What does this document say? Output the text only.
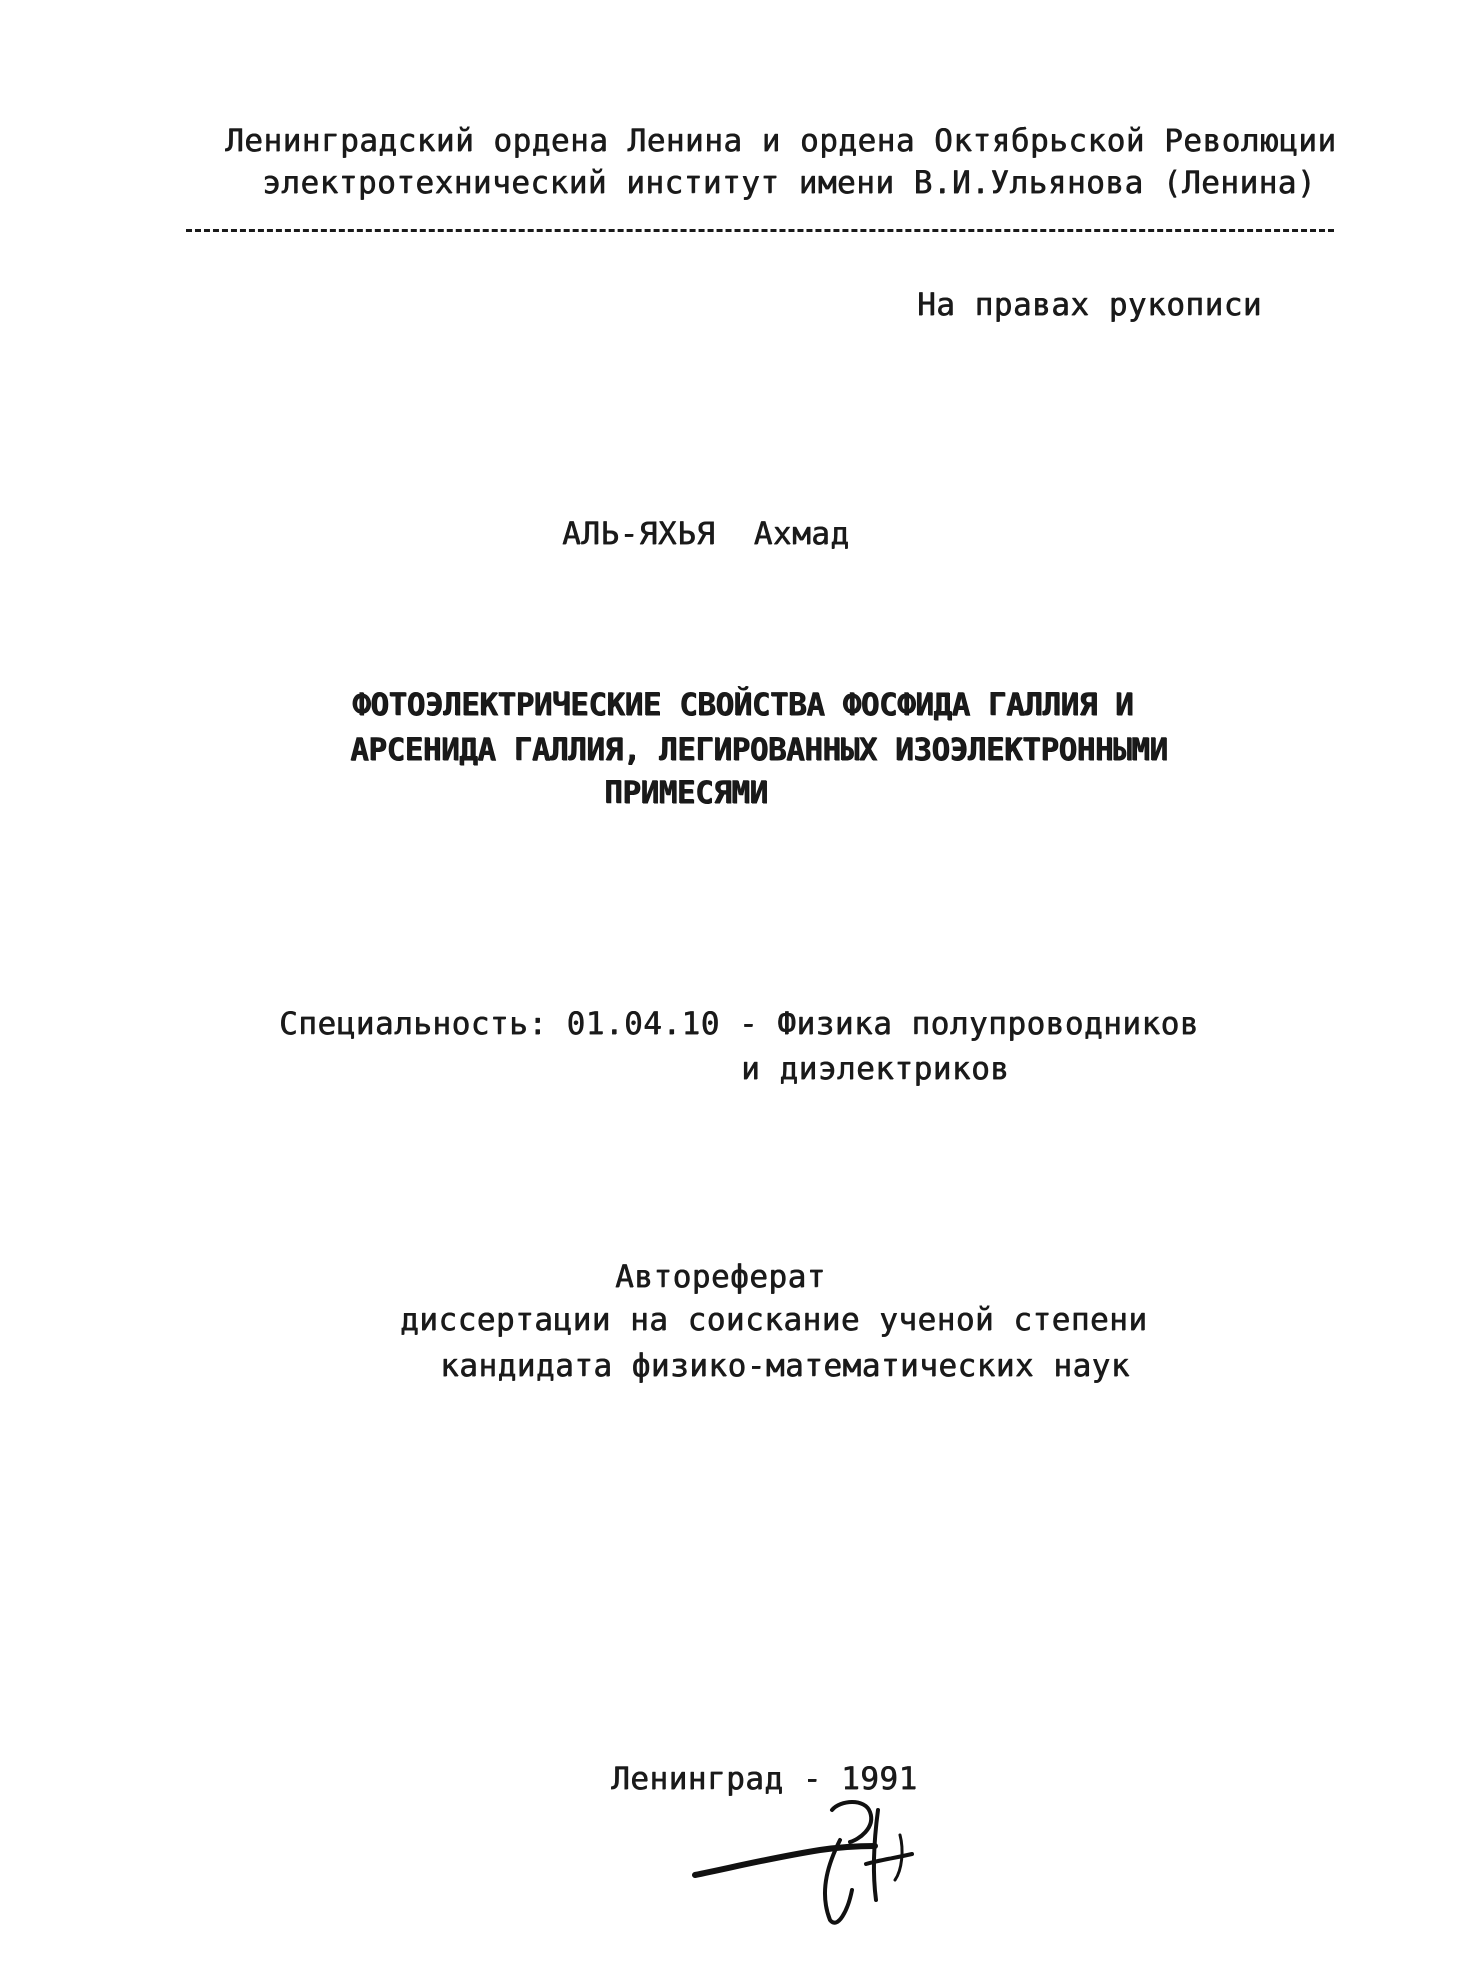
Ленинградский ордена Ленина и ордена Октябрьской Революции
электротехнический институт имени В.И.Ульянова (Ленина)
На правах рукописи
АЛЬ-ЯХЬЯ  Ахмад
ФОТОЭЛЕКТРИЧЕСКИЕ СВОЙСТВА ФОСФИДА ГАЛЛИЯ И
АРСЕНИДА ГАЛЛИЯ, ЛЕГИРОВАННЫХ ИЗОЭЛЕКТРОННЫМИ
ПРИМЕСЯМИ
Специальность: 01.04.10 - Физика полупроводников
и диэлектриков
Автореферат
диссертации на соискание ученой степени
кандидата физико-математических наук
Ленинград - 1991
